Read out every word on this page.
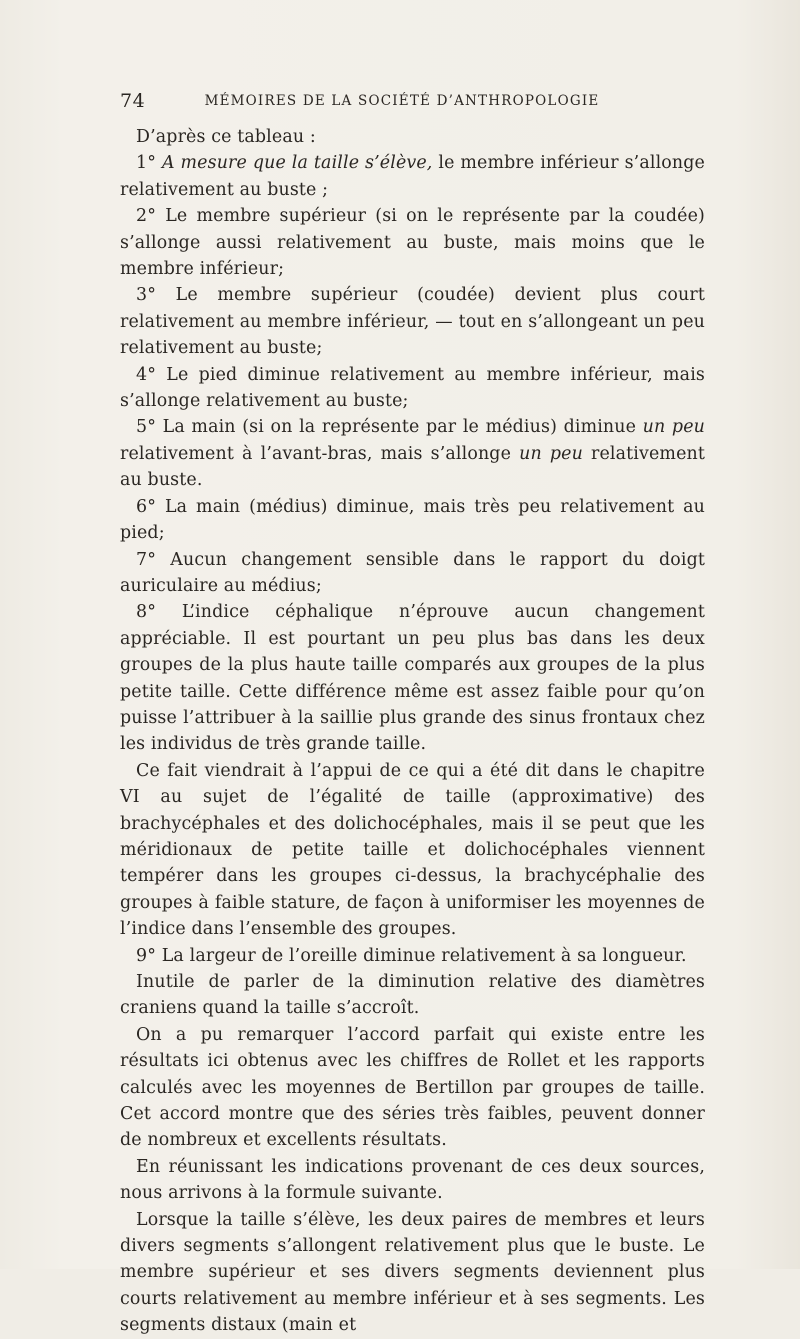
74	MÉMOIRES DE LA SOCIÉTÉ D’ANTHROPOLOGIE

D’après ce tableau :

1° A mesure que la taille s’élève, le membre inférieur s’allonge relativement au buste ;

2° Le membre supérieur (si on le représente par la coudée) s’allonge aussi relativement au buste, mais moins que le membre inférieur;

3° Le membre supérieur (coudée) devient plus court relativement au membre inférieur, — tout en s’allongeant un peu relativement au buste;

4° Le pied diminue relativement au membre inférieur, mais s’allonge relativement au buste;

5° La main (si on la représente par le médius) diminue un peu relativement à l’avant-bras, mais s’allonge un peu relativement au buste.

6° La main (médius) diminue, mais très peu relativement au pied;

7° Aucun changement sensible dans le rapport du doigt auriculaire au médius;

8° L’indice céphalique n’éprouve aucun changement appréciable. Il est pourtant un peu plus bas dans les deux groupes de la plus haute taille comparés aux groupes de la plus petite taille. Cette différence même est assez faible pour qu’on puisse l’attribuer à la saillie plus grande des sinus frontaux chez les individus de très grande taille.

Ce fait viendrait à l’appui de ce qui a été dit dans le chapitre VI au sujet de l’égalité de taille (approximative) des brachycéphales et des dolichocéphales, mais il se peut que les méridionaux de petite taille et dolichocéphales viennent tempérer dans les groupes ci-dessus, la brachycéphalie des groupes à faible stature, de façon à uniformiser les moyennes de l’indice dans l’ensemble des groupes.

9° La largeur de l’oreille diminue relativement à sa longueur.

Inutile de parler de la diminution relative des diamètres craniens quand la taille s’accroît.

On a pu remarquer l’accord parfait qui existe entre les résultats ici obtenus avec les chiffres de Rollet et les rapports calculés avec les moyennes de Bertillon par groupes de taille. Cet accord montre que des séries très faibles, peuvent donner de nombreux et excellents résultats.

En réunissant les indications provenant de ces deux sources, nous arrivons à la formule suivante.

Lorsque la taille s’élève, les deux paires de membres et leurs divers segments s’allongent relativement plus que le buste. Le membre supérieur et ses divers segments deviennent plus courts relativement au membre inférieur et à ses segments. Les segments distaux (main et
